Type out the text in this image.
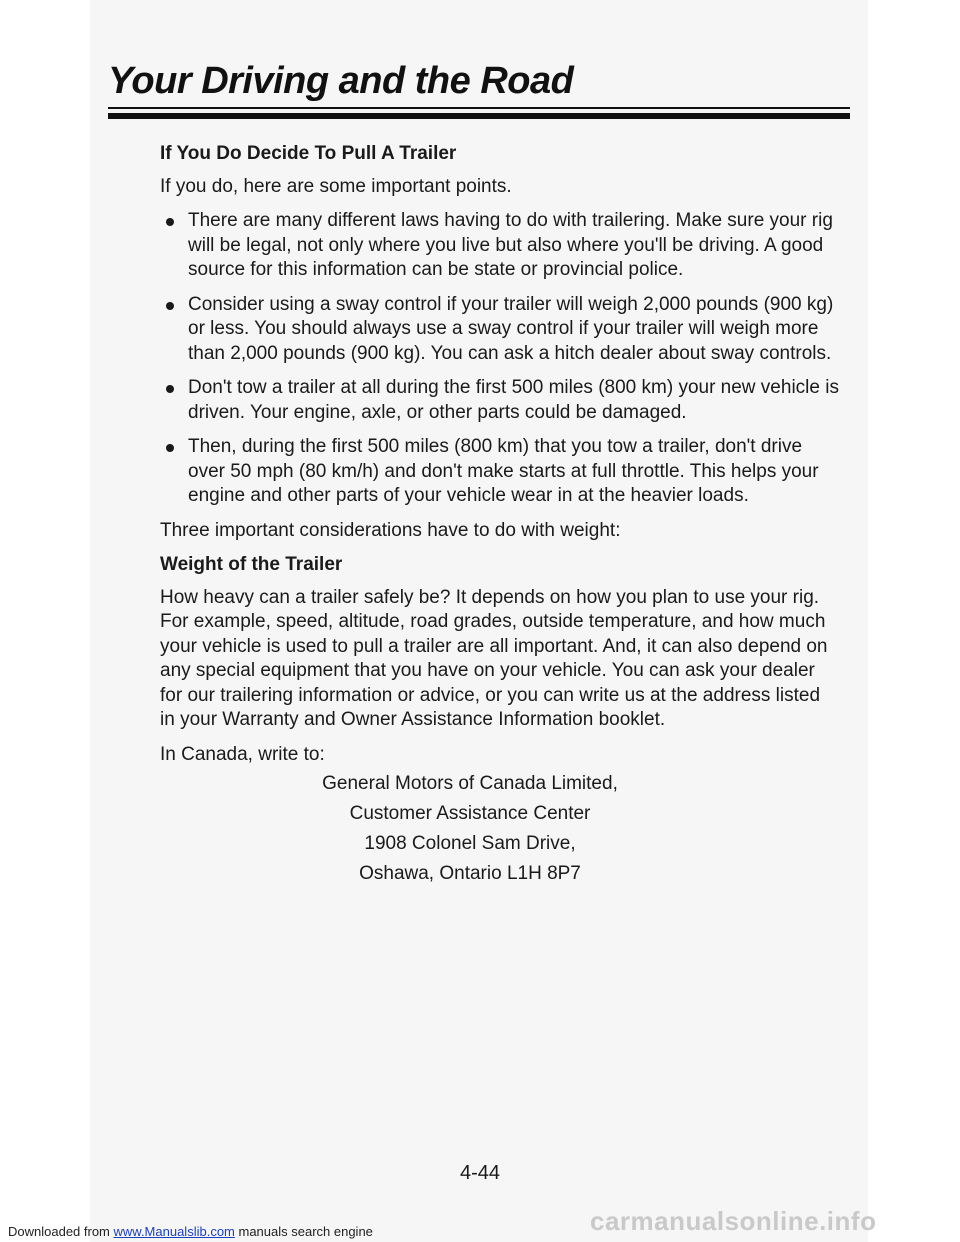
Your Driving and the Road
If You Do Decide To Pull A Trailer
If you do, here are some important points.
There are many different laws having to do with trailering. Make sure your rig will be legal, not only where you live but also where you'll be driving. A good source for this information can be state or provincial police.
Consider using a sway control if your trailer will weigh 2,000 pounds (900 kg) or less. You should always use a sway control if your trailer will weigh more than 2,000 pounds (900 kg). You can ask a hitch dealer about sway controls.
Don't tow a trailer at all during the first 500 miles (800 km) your new vehicle is driven. Your engine, axle, or other parts could be damaged.
Then, during the first 500 miles (800 km) that you tow a trailer, don't drive over 50 mph (80 km/h) and don't make starts at full throttle. This helps your engine and other parts of your vehicle wear in at the heavier loads.
Three important considerations have to do with weight:
Weight of the Trailer
How heavy can a trailer safely be? It depends on how you plan to use your rig. For example, speed, altitude, road grades, outside temperature, and how much your vehicle is used to pull a trailer are all important. And, it can also depend on any special equipment that you have on your vehicle. You can ask your dealer for our trailering information or advice, or you can write us at the address listed in your Warranty and Owner Assistance Information booklet.
In Canada, write to:
General Motors of Canada Limited,
Customer Assistance Center
1908 Colonel Sam Drive,
Oshawa, Ontario L1H 8P7
4-44
carmanualsonline.info
Downloaded from www.Manualslib.com manuals search engine
